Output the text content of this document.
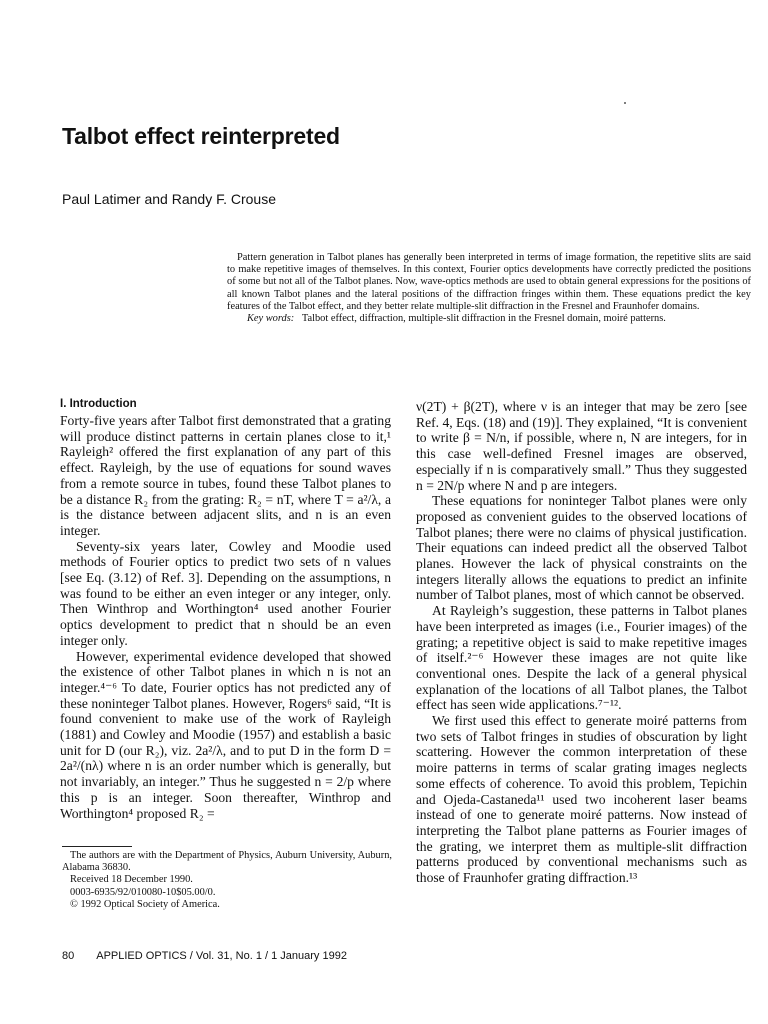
Talbot effect reinterpreted
Paul Latimer and Randy F. Crouse

Pattern generation in Talbot planes has generally been interpreted in terms of image formation, the repetitive slits are said to make repetitive images of themselves. In this context, Fourier optics developments have correctly predicted the positions of some but not all of the Talbot planes. Now, wave-optics methods are used to obtain general expressions for the positions of all known Talbot planes and the lateral positions of the diffraction fringes within them. These equations predict the key features of the Talbot effect, and they better relate multiple-slit diffraction in the Fresnel and Fraunhofer domains.

Key words: Talbot effect, diffraction, multiple-slit diffraction in the Fresnel domain, moiré patterns.

I. Introduction

Forty-five years after Talbot first demonstrated that a grating will produce distinct patterns in certain planes close to it,¹ Rayleigh² offered the first explanation of any part of this effect. Rayleigh, by the use of equations for sound waves from a remote source in tubes, found these Talbot planes to be a distance R₂ from the grating: R₂ = nT, where T = a²/λ, a is the distance between adjacent slits, and n is an even integer.

Seventy-six years later, Cowley and Moodie used methods of Fourier optics to predict two sets of n values [see Eq. (3.12) of Ref. 3]. Depending on the assumptions, n was found to be either an even integer or any integer, only. Then Winthrop and Worthington⁴ used another Fourier optics development to predict that n should be an even integer only.

However, experimental evidence developed that showed the existence of other Talbot planes in which n is not an integer.⁴⁻⁶ To date, Fourier optics has not predicted any of these noninteger Talbot planes. However, Rogers⁶ said, “It is found convenient to make use of the work of Rayleigh (1881) and Cowley and Moodie (1957) and establish a basic unit for D (our R₂), viz. 2a²/λ, and to put D in the form D = 2a²/(nλ) where n is an order number which is generally, but not invariably, an integer.” Thus he suggested n = 2/p where this p is an integer. Soon thereafter, Winthrop and Worthington⁴ proposed R₂ =

ν(2T) + β(2T), where ν is an integer that may be zero [see Ref. 4, Eqs. (18) and (19)]. They explained, “It is convenient to write β = N/n, if possible, where n, N are integers, for in this case well-defined Fresnel images are observed, especially if n is comparatively small.” Thus they suggested n = 2N/p where N and p are integers.

These equations for noninteger Talbot planes were only proposed as convenient guides to the observed locations of Talbot planes; there were no claims of physical justification. Their equations can indeed predict all the observed Talbot planes. However the lack of physical constraints on the integers literally allows the equations to predict an infinite number of Talbot planes, most of which cannot be observed.

At Rayleigh’s suggestion, these patterns in Talbot planes have been interpreted as images (i.e., Fourier images) of the grating; a repetitive object is said to make repetitive images of itself.²⁻⁶ However these images are not quite like conventional ones. Despite the lack of a general physical explanation of the locations of all Talbot planes, the Talbot effect has seen wide applications.⁷⁻¹².

We first used this effect to generate moiré patterns from two sets of Talbot fringes in studies of obscuration by light scattering. However the common interpretation of these moire patterns in terms of scalar grating images neglects some effects of coherence. To avoid this problem, Tepichin and Ojeda-Castaneda¹¹ used two incoherent laser beams instead of one to generate moiré patterns. Now instead of interpreting the Talbot plane patterns as Fourier images of the grating, we interpret them as multiple-slit diffraction patterns produced by conventional mechanisms such as those of Fraunhofer grating diffraction.¹³

The authors are with the Department of Physics, Auburn University, Auburn, Alabama 36830.

Received 18 December 1990.

0003-6935/92/010080-10$05.00/0.

© 1992 Optical Society of America.

80 APPLIED OPTICS / Vol. 31, No. 1 / 1 January 1992
